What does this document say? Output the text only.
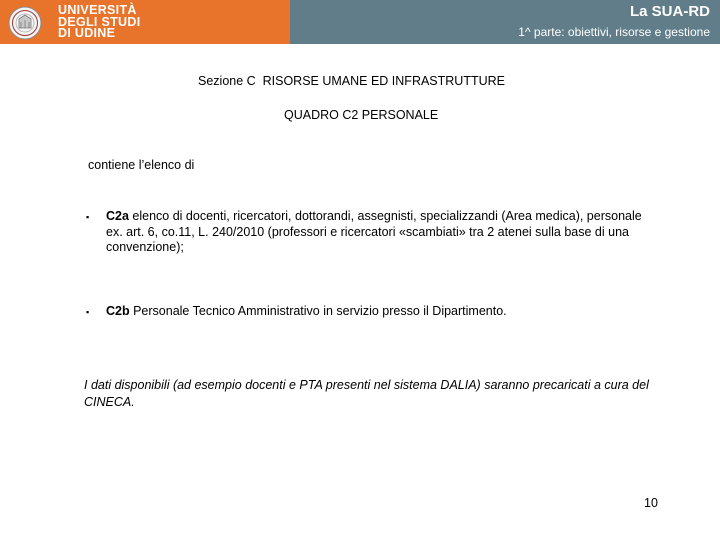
UNIVERSITÀ
DEGLI STUDI
DI UDINE
La SUA-RD
1^ parte: obiettivi, risorse e gestione
Sezione C  RISORSE UMANE ED INFRASTRUTTURE
QUADRO C2 PERSONALE
contiene l’elenco di
▪ C2a elenco di docenti, ricercatori, dottorandi, assegnisti, specializzandi (Area medica), personale ex. art. 6, co.11, L. 240/2010 (professori e ricercatori «scambiati» tra 2 atenei sulla base di una convenzione);
▪ C2b Personale Tecnico Amministrativo in servizio presso il Dipartimento.
I dati disponibili (ad esempio docenti e PTA presenti nel sistema DALIA) saranno precaricati a cura del CINECA.
10
